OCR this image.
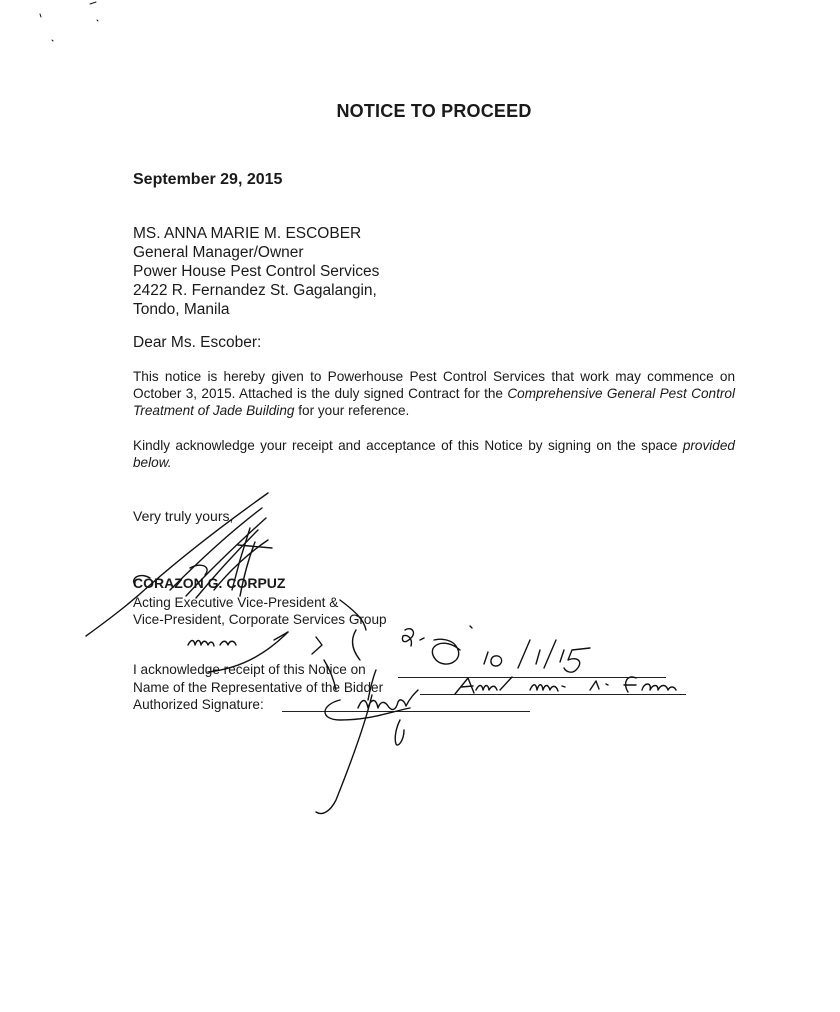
NOTICE TO PROCEED
September 29, 2015
MS. ANNA MARIE M. ESCOBER
General Manager/Owner
Power House Pest Control Services
2422 R. Fernandez St. Gagalangin,
Tondo, Manila
Dear Ms. Escober:
This notice is hereby given to Powerhouse Pest Control Services that work may commence on October 3, 2015. Attached is the duly signed Contract for the Comprehensive General Pest Control Treatment of Jade Building for your reference.
Kindly acknowledge your receipt and acceptance of this Notice by signing on the space provided below.
Very truly yours,
CORAZON G. CORPUZ
Acting Executive Vice-President &
Vice-President, Corporate Services Group
I acknowledge receipt of this Notice on
Name of the Representative of the Bidder
Authorized Signature:
